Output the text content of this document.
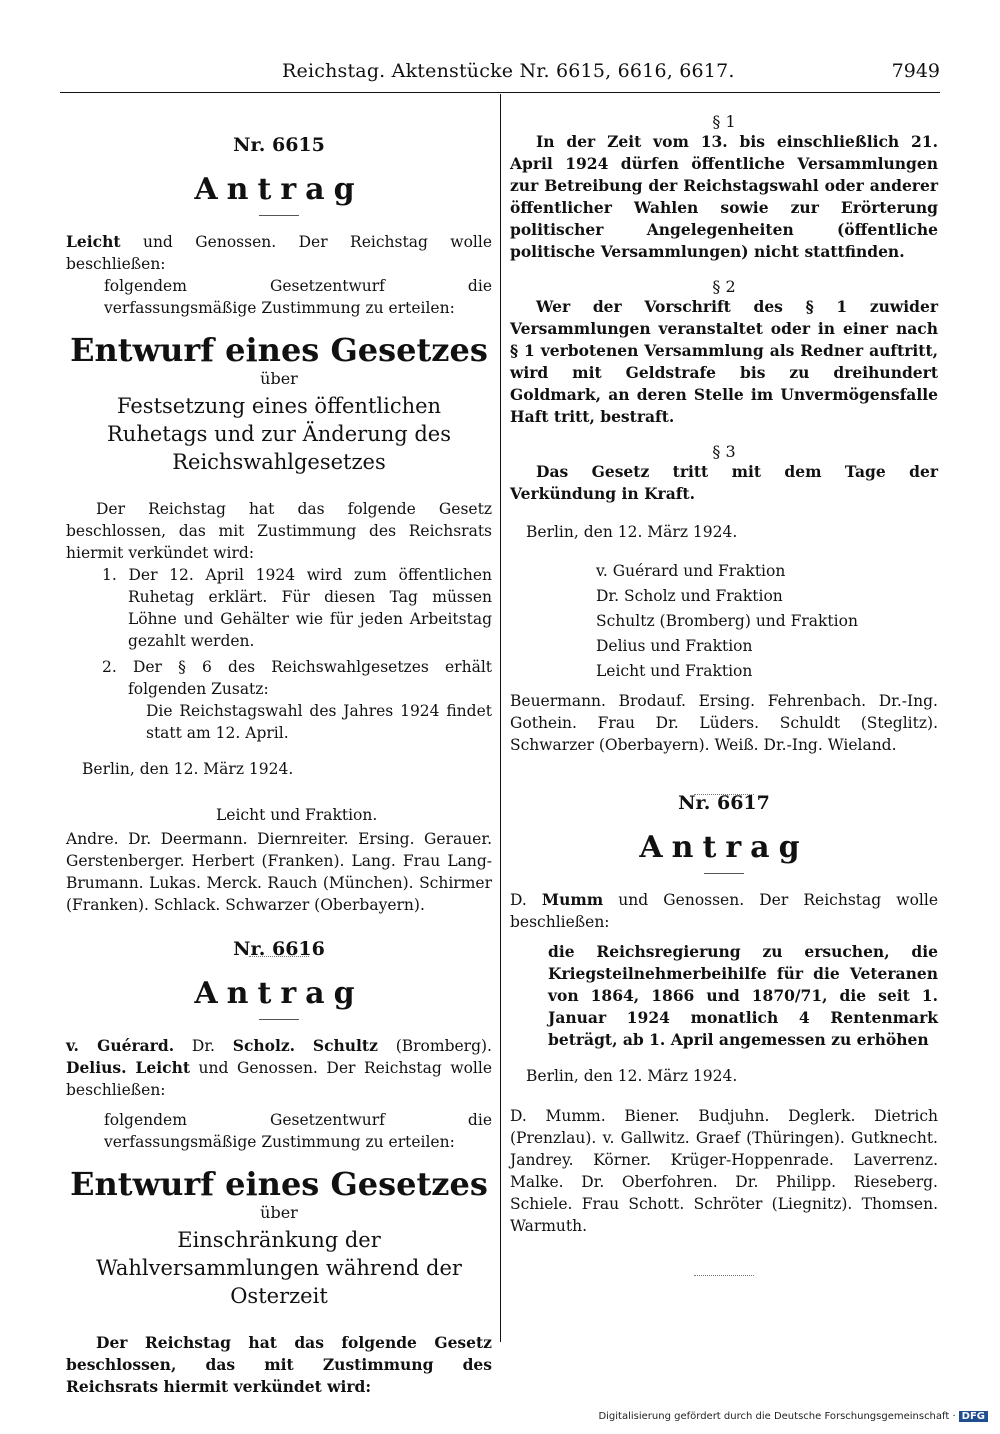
Reichstag. Aktenstücke Nr. 6615, 6616, 6617.	7949

Nr. 6615

Antrag

Leicht und Genossen. Der Reichstag wolle beschließen:

folgendem Gesetzentwurf die verfassungsmäßige Zustimmung zu erteilen:

Entwurf eines Gesetzes

über

Festsetzung eines öffentlichen Ruhetags und zur Änderung des Reichswahlgesetzes

Der Reichstag hat das folgende Gesetz beschlossen, das mit Zustimmung des Reichsrats hiermit verkündet wird:

1. Der 12. April 1924 wird zum öffentlichen Ruhetag erklärt. Für diesen Tag müssen Löhne und Gehälter wie für jeden Arbeitstag gezahlt werden.

2. Der § 6 des Reichswahlgesetzes erhält folgenden Zusatz:

Die Reichstagswahl des Jahres 1924 findet statt am 12. April.

Berlin, den 12. März 1924.

Leicht und Fraktion.

Andre. Dr. Deermann. Diernreiter. Ersing. Gerauer. Gerstenberger. Herbert (Franken). Lang. Frau Lang-Brumann. Lukas. Merck. Rauch (München). Schirmer (Franken). Schlack. Schwarzer (Oberbayern).

Nr. 6616

Antrag

v. Guérard. Dr. Scholz. Schultz (Bromberg). Delius. Leicht und Genossen. Der Reichstag wolle beschließen:

folgendem Gesetzentwurf die verfassungsmäßige Zustimmung zu erteilen:

Entwurf eines Gesetzes

über

Einschränkung der Wahlversammlungen während der Osterzeit

Der Reichstag hat das folgende Gesetz beschlossen, das mit Zustimmung des Reichsrats hiermit verkündet wird:

§ 1

In der Zeit vom 13. bis einschließlich 21. April 1924 dürfen öffentliche Versammlungen zur Betreibung der Reichstagswahl oder anderer öffentlicher Wahlen sowie zur Erörterung politischer Angelegenheiten (öffentliche politische Versammlungen) nicht stattfinden.

§ 2

Wer der Vorschrift des § 1 zuwider Versammlungen veranstaltet oder in einer nach § 1 verbotenen Versammlung als Redner auftritt, wird mit Geldstrafe bis zu dreihundert Goldmark, an deren Stelle im Unvermögensfalle Haft tritt, bestraft.

§ 3

Das Gesetz tritt mit dem Tage der Verkündung in Kraft.

Berlin, den 12. März 1924.

v. Guérard und Fraktion

Dr. Scholz und Fraktion

Schultz (Bromberg) und Fraktion

Delius und Fraktion

Leicht und Fraktion

Beuermann. Brodauf. Ersing. Fehrenbach. Dr.-Ing. Gothein. Frau Dr. Lüders. Schuldt (Steglitz). Schwarzer (Oberbayern). Weiß. Dr.-Ing. Wieland.

Nr. 6617

Antrag

D. Mumm und Genossen. Der Reichstag wolle beschließen:

die Reichsregierung zu ersuchen, die Kriegsteilnehmerbeihilfe für die Veteranen von 1864, 1866 und 1870/71, die seit 1. Januar 1924 monatlich 4 Rentenmark beträgt, ab 1. April angemessen zu erhöhen

Berlin, den 12. März 1924.

D. Mumm. Biener. Budjuhn. Deglerk. Dietrich (Prenzlau). v. Gallwitz. Graef (Thüringen). Gutknecht. Jandrey. Körner. Krüger-Hoppenrade. Laverrenz. Malke. Dr. Oberfohren. Dr. Philipp. Rieseberg. Schiele. Frau Schott. Schröter (Liegnitz). Thomsen. Warmuth.

Digitalisierung gefördert durch die Deutsche Forschungsgemeinschaft · DFG
